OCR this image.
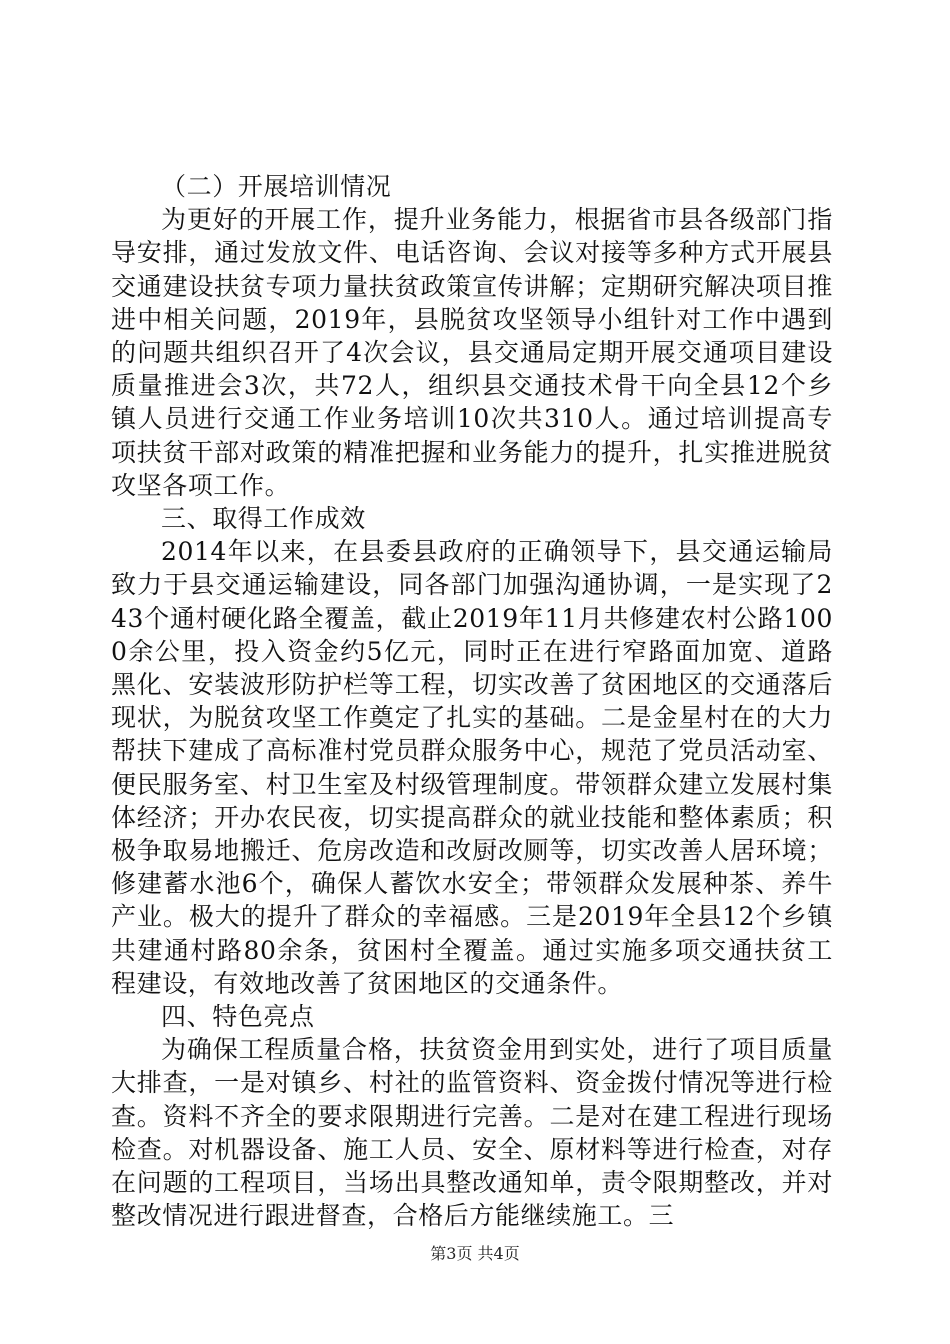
（二）开展培训情况

为更好的开展工作，提升业务能力，根据省市县各级部门指导安排，通过发放文件、电话咨询、会议对接等多种方式开展县交通建设扶贫专项力量扶贫政策宣传讲解；定期研究解决项目推进中相关问题，2019年，县脱贫攻坚领导小组针对工作中遇到的问题共组织召开了4次会议，县交通局定期开展交通项目建设质量推进会3次，共72人，组织县交通技术骨干向全县12个乡镇人员进行交通工作业务培训10次共310人。通过培训提高专项扶贫干部对政策的精准把握和业务能力的提升，扎实推进脱贫攻坚各项工作。

三、取得工作成效

2014年以来，在县委县政府的正确领导下，县交通运输局致力于县交通运输建设，同各部门加强沟通协调，一是实现了243个通村硬化路全覆盖，截止2019年11月共修建农村公路1000余公里，投入资金约5亿元，同时正在进行窄路面加宽、道路黑化、安装波形防护栏等工程，切实改善了贫困地区的交通落后现状，为脱贫攻坚工作奠定了扎实的基础。二是金星村在的大力帮扶下建成了高标准村党员群众服务中心，规范了党员活动室、便民服务室、村卫生室及村级管理制度。带领群众建立发展村集体经济；开办农民夜，切实提高群众的就业技能和整体素质；积极争取易地搬迁、危房改造和改厨改厕等，切实改善人居环境；修建蓄水池6个，确保人蓄饮水安全；带领群众发展种茶、养牛产业。极大的提升了群众的幸福感。三是2019年全县12个乡镇共建通村路80余条，贫困村全覆盖。通过实施多项交通扶贫工程建设，有效地改善了贫困地区的交通条件。

四、特色亮点

为确保工程质量合格，扶贫资金用到实处，进行了项目质量大排查，一是对镇乡、村社的监管资料、资金拨付情况等进行检查。资料不齐全的要求限期进行完善。二是对在建工程进行现场检查。对机器设备、施工人员、安全、原材料等进行检查，对存在问题的工程项目，当场出具整改通知单，责令限期整改，并对整改情况进行跟进督查，合格后方能继续施工。三

第3页 共4页
